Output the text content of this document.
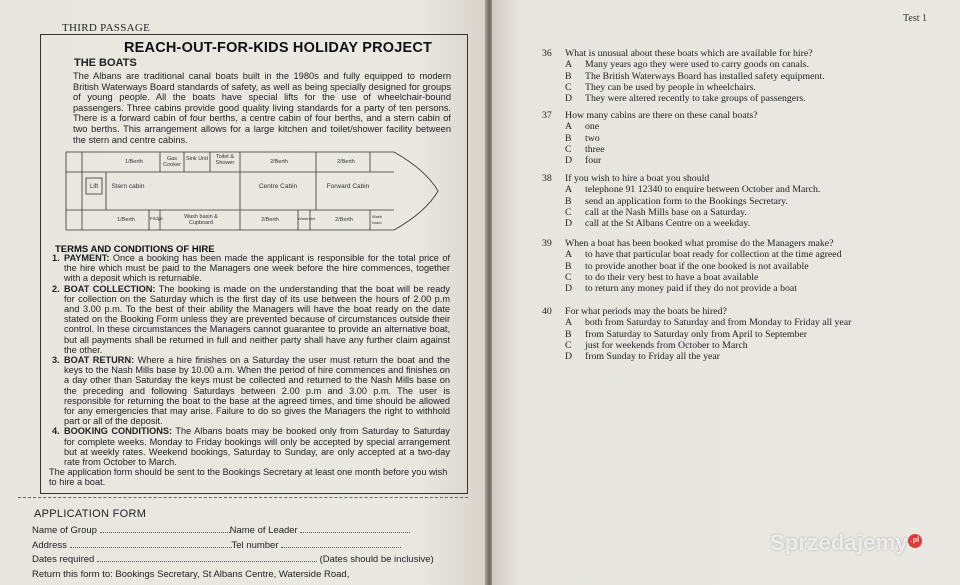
THIRD PASSAGE
REACH-OUT-FOR-KIDS HOLIDAY PROJECT
THE BOATS
The Albans are traditional canal boats built in the 1980s and fully equipped to modern British Waterways Board standards of safety, as well as being specially designed for groups of young people. All the boats have special lifts for the use of wheelchair-bound passengers. Three cabins provide good quality living standards for a party of ten persons. There is a forward cabin of four berths, a centre cabin of four berths, and a stern cabin of two berths. This arrangement allows for a large kitchen and toilet/shower facility between the stern and centre cabins.
1/Berth	Gas Cooker
Sink Unit	Toilet & Shower	2/Berth	2/Berth
Lift	Stern cabin	Centre Cabin	Forward Cabin
1/Berth	Fridge	Wash basin & Cupboard	2/Berth	Wardrobe	2/Berth
Wash basin
TERMS AND CONDITIONS OF HIRE
1. PAYMENT: Once a booking has been made the applicant is responsible for the total price of the hire which must be paid to the Managers one week before the hire commences, together with a deposit which is returnable.
2. BOAT COLLECTION: The booking is made on the understanding that the boat will be ready for collection on the Saturday which is the first day of its use between the hours of 2.00 p.m and 3.00 p.m. To the best of their ability the Managers will have the boat ready on the date stated on the Booking Form unless they are prevented because of circumstances outside their control. In these circumstances the Managers cannot guarantee to provide an alternative boat, but all payments shall be returned in full and neither party shall have any further claim against the other.
3. BOAT RETURN: Where a hire finishes on a Saturday the user must return the boat and the keys to the Nash Mills base by 10.00 a.m. When the period of hire commences and finishes on a day other than Saturday the keys must be collected and returned to the Nash Mills base on the preceding and following Saturdays between 2.00 p.m and 3.00 p.m. The user is responsible for returning the boat to the base at the agreed times, and time should be allowed for any emergencies that may arise. Failure to do so gives the Managers the right to withhold part or all of the deposit.
4. BOOKING CONDITIONS: The Albans boats may be booked only from Saturday to Saturday for complete weeks. Monday to Friday bookings will only be accepted by special arrangement but at weekly rates. Weekend bookings, Saturday to Sunday, are only accepted at a two-day rate from October to March.
The application form should be sent to the Bookings Secretary at least one month before you wish to hire a boat.
APPLICATION FORM
Name of Group	Name of Leader
Address	Tel number
Dates required	(Dates should be inclusive)
Return this form to: Bookings Secretary, St Albans Centre, Waterside Road,
Test 1
36	What is unusual about these boats which are available for hire?
A Many years ago they were used to carry goods on canals.
B The British Waterways Board has installed safety equipment.
C They can be used by people in wheelchairs.
D They were altered recently to take groups of passengers.
37	How many cabins are there on these canal boats?
A one
B two
C three
D four
38	If you wish to hire a boat you should
A telephone 91 12340 to enquire between October and March.
B send an application form to the Bookings Secretary.
C call at the Nash Mills base on a Saturday.
D call at the St Albans Centre on a weekday.
39	When a boat has been booked what promise do the Managers make?
A to have that particular boat ready for collection at the time agreed
B to provide another boat if the one booked is not available
C to do their very best to have a boat available
D to return any money paid if they do not provide a boat
40	For what periods may the boats be hired?
A both from Saturday to Saturday and from Monday to Friday all year
B from Saturday to Saturday only from April to September
C just for weekends from October to March
D from Sunday to Friday all the year
Sprzedajemy .pl
